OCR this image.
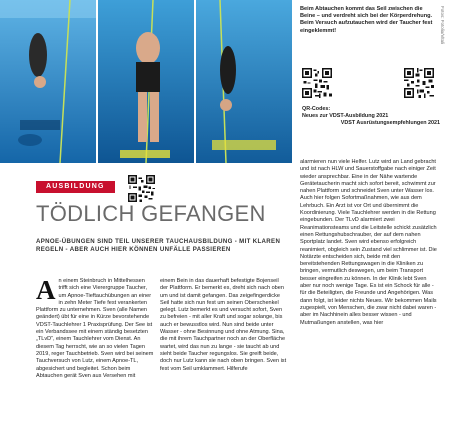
Beim Abtauchen kommt das Seil zwischen die Beine – und verdreht sich bei der Körperdrehung. Beim Versuch aufzutauchen wird der Taucher fest eingeklemmt!	Fotos: Fotolia/Vitali
QR-Codes:
Neues zur VDST-Ausbildung 2021
VDST Ausrüstungsempfehlungen 2021
AUSBILDUNG
TÖDLICH GEFANGEN

APNOE-ÜBUNGEN SIND TEIL UNSERER TAUCHAUSBILDUNG - MIT KLAREN REGELN - ABER AUCH HIER KÖNNEN UNFÄLLE PASSIEREN

An einem Steinbruch in Mittelhessen trifft sich eine Vierergruppe Taucher, um Apnoe-Tieftauchübungen an einer in zehn Meter Tiefe fest verankerten Plattform zu unternehmen. Sven (alle Namen geändert) übt für eine in Kürze bevorstehende VDST-Tauchlehrer 1 Praxisprüfung. Der See ist ein Verbandssee mit einem ständig besetzten „TLvD“, einem Tauchlehrer vom Dienst. An diesem Tag herrscht, wie an so vielen Tagen 2019, reger Tauchbetrieb. Sven wird bei seinem Tauchversuch von Lutz, einem Apnoe-TL, abgesichert und begleitet. Schon beim Abtauchen gerät Sven aus Versehen mit
einem Bein in das dauerhaft befestigte Bojenseil der Plattform. Er bemerkt es, dreht sich nach oben um und ist damit gefangen. Das zeigefingerdicke Seil hatte sich nun fest um seinen Oberschenkel gelegt. Lutz bemerkt es und versucht sofort, Sven zu befreien - mit aller Kraft und sogar solange, bis auch er bewusstlos wird. Nun sind beide unter Wasser - ohne Besinnung und ohne Atmung. Sina, die mit ihrem Tauchpartner noch an der Oberfläche wartet, wird das nun zu lange - sie taucht ab und sieht beide Taucher regungslos. Sie greift beide, doch nur Lutz kann sie nach oben bringen. Sven ist fest vom Seil umklammert. Hilferufe
alarmieren nun viele Helfer. Lutz wird an Land gebracht und ist nach HLW und Sauerstoffgabe nach einiger Zeit wieder ansprechbar. Eine in der Nähe wartende Gerätetaucherin macht sich sofort bereit, schwimmt zur nahen Plattform und schneidet Sven unter Wasser los. Auch hier folgen Sofortmaßnahmen, wie aus dem Lehrbuch. Ein Arzt ist vor Ort und übernimmt die Koordinierung. Viele Tauchlehrer werden in die Rettung eingebunden. Der TLvD alarmiert zwei Reanimationsteams und die Leitstelle schickt zusätzlich einen Rettungshubschrauber, der auf dem nahen Sportplatz landet. Sven wird ebenso erfolgreich reanimiert, obgleich sein Zustand viel schlimmer ist. Die Notärzte entscheiden sich, beide mit den bereitstehenden Rettungswagen in die Kliniken zu bringen, vermutlich deswegen, um beim Transport besser eingreifen zu können. In der Klinik lebt Sven aber nur noch wenige Tage. Es ist ein Schock für alle - für die Beteiligten, die Freunde und Angehörigen. Was dann folgt, ist leider nichts Neues. Wir bekommen Mails zugespielt, von Menschen, die zwar nicht dabei waren - aber im Nachhinein alles besser wissen - und Mutmaßungen anstellen, was hier
